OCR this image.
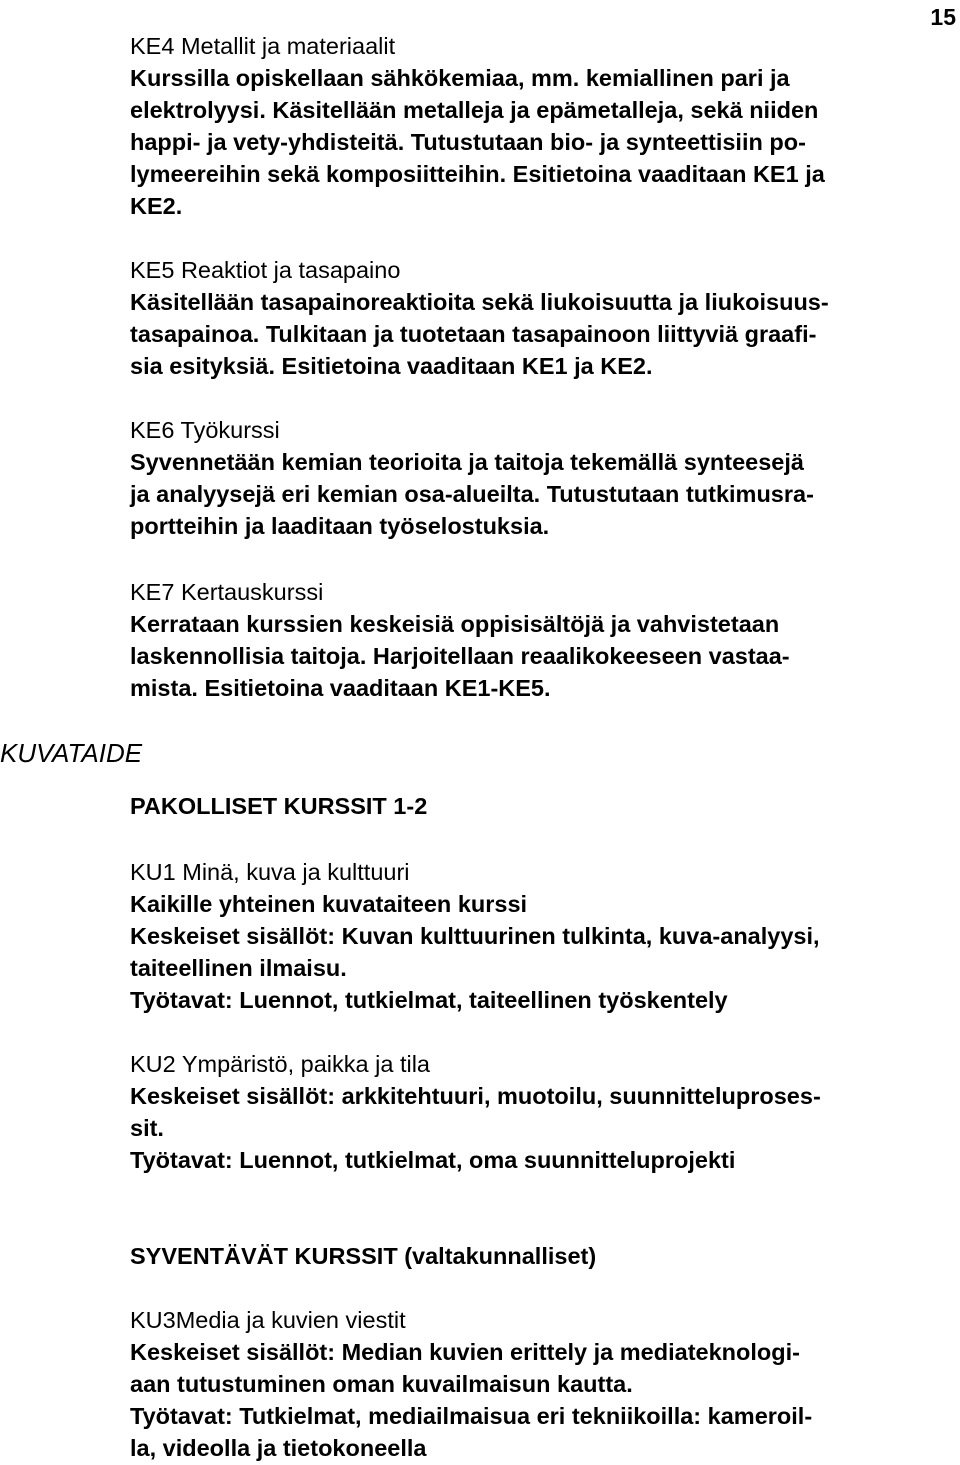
15
KUVATAIDE

KE4 Metallit ja materiaalit

Kurssilla opiskellaan sähkökemiaa, mm. kemiallinen pari ja

elektrolyysi. Käsitellään metalleja ja epämetalleja, sekä niiden

happi- ja vety-yhdisteitä. Tutustutaan bio- ja synteettisiin po-

lymeereihin sekä komposiitteihin. Esitietoina vaaditaan KE1 ja

KE2.

KE5 Reaktiot ja tasapaino

Käsitellään tasapainoreaktioita sekä liukoisuutta ja liukoisuus-

tasapainoa. Tulkitaan ja tuotetaan tasapainoon liittyviä graafi-

sia esityksiä. Esitietoina vaaditaan KE1 ja KE2.

KE6 Työkurssi

Syvennetään kemian teorioita ja taitoja tekemällä synteesejä

ja analyysejä eri kemian osa-alueilta. Tutustutaan tutkimusra-

portteihin ja laaditaan työselostuksia.

KE7 Kertauskurssi

Kerrataan kurssien keskeisiä oppisisältöjä ja vahvistetaan

laskennollisia taitoja. Harjoitellaan reaalikokeeseen vastaa-

mista. Esitietoina vaaditaan KE1-KE5.

PAKOLLISET KURSSIT 1-2

KU1 Minä, kuva ja kulttuuri

Kaikille yhteinen kuvataiteen kurssi

Keskeiset sisällöt: Kuvan kulttuurinen tulkinta, kuva-analyysi,

taiteellinen ilmaisu.

Työtavat: Luennot, tutkielmat, taiteellinen työskentely

KU2 Ympäristö, paikka ja tila

Keskeiset sisällöt: arkkitehtuuri, muotoilu, suunnitteluproses-

sit.

Työtavat: Luennot, tutkielmat, oma suunnitteluprojekti

SYVENTÄVÄT KURSSIT (valtakunnalliset)

KU3Media ja kuvien viestit

Keskeiset sisällöt: Median kuvien erittely ja mediateknologi-

aan tutustuminen oman kuvailmaisun kautta.

Työtavat: Tutkielmat, mediailmaisua eri tekniikoilla: kameroil-

la, videolla ja tietokoneella
